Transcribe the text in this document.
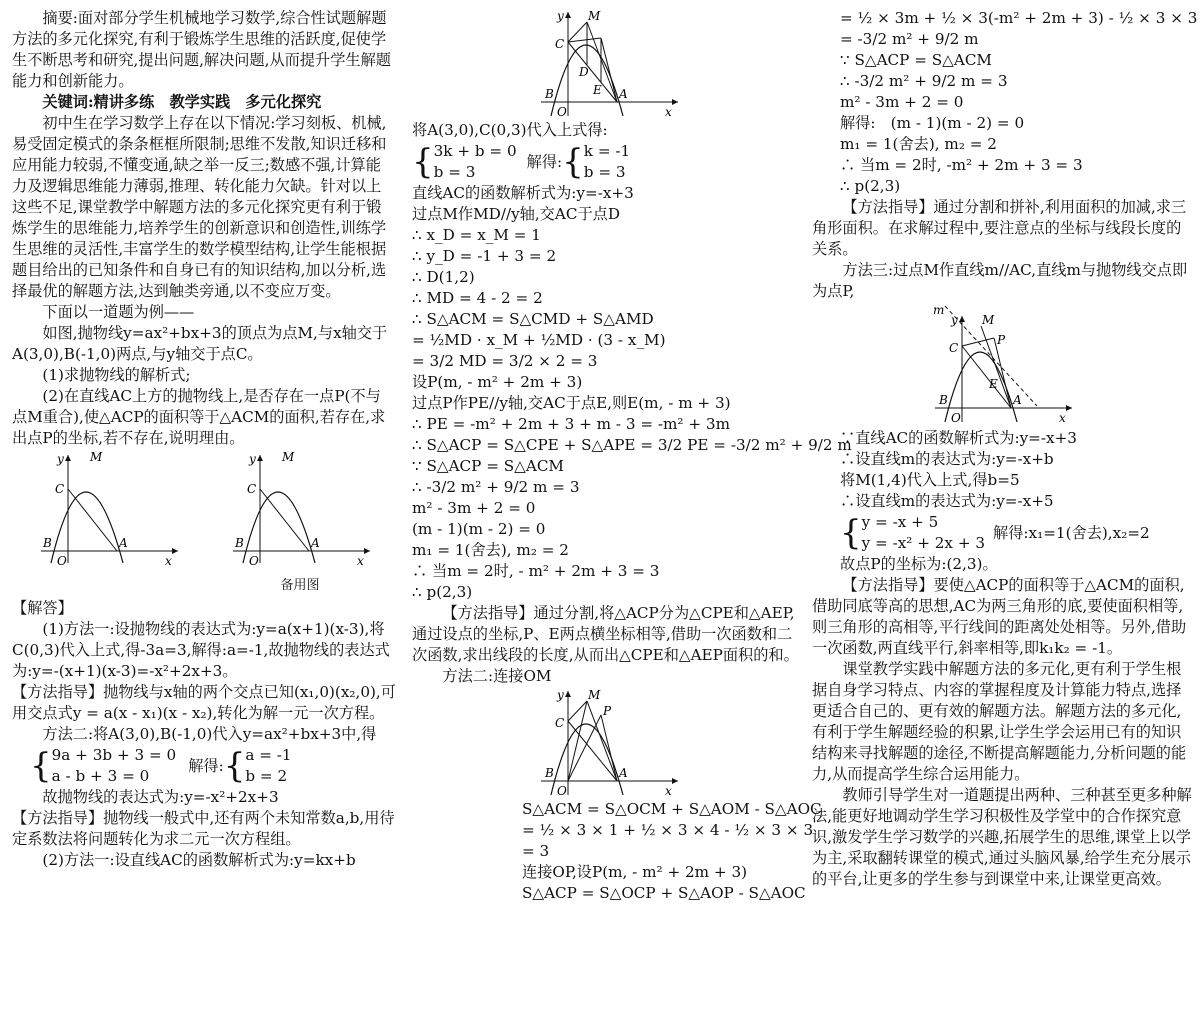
摘要:面对部分学生机械地学习数学,综合性试题解题方法的多元化探究,有利于锻炼学生思维的活跃度,促使学生不断思考和研究,提出问题,解决问题,从而提升学生解题能力和创新能力。

关键词:精讲多练　教学实践　多元化探究

初中生在学习数学上存在以下情况:学习刻板、机械,易受固定模式的条条框框所限制;思维不发散,知识迁移和应用能力较弱,不懂变通,缺之举一反三;数感不强,计算能力及逻辑思维能力薄弱,推理、转化能力欠缺。针对以上这些不足,课堂教学中解题方法的多元化探究更有利于锻炼学生的思维能力,培养学生的创新意识和创造性,训练学生思维的灵活性,丰富学生的数学模型结构,让学生能根据题目给出的已知条件和自身已有的知识结构,加以分析,选择最优的解题方法,达到触类旁通,以不变应万变。

下面以一道题为例——

如图,抛物线y=ax²+bx+3的顶点为点M,与x轴交于A(3,0),B(-1,0)两点,与y轴交于点C。

(1)求抛物线的解析式;

(2)在直线AC上方的抛物线上,是否存在一点P(不与点M重合),使△ACP的面积等于△ACM的面积,若存在,求出点P的坐标,若不存在,说明理由。

y M
C
B
O
A
x
y M
C
B
O
A
x
备用图

【解答】

(1)方法一:设抛物线的表达式为:y=a(x+1)(x-3),将C(0,3)代入上式,得-3a=3,解得:a=-1,故抛物线的表达式为:y=-(x+1)(x-3)=-x²+2x+3。

【方法指导】抛物线与x轴的两个交点已知(x₁,0)(x₂,0),可用交点式y = a(x - x₁)(x - x₂),转化为解一元一次方程。

方法二:将A(3,0),B(-1,0)代入y=ax²+bx+3中,得

{ 9a + 3b + 3 = 0
a - b + 3 = 0
解得: { a = -1
b = 2

故抛物线的表达式为:y=-x²+2x+3

【方法指导】抛物线一般式中,还有两个未知常数a,b,用待定系数法将问题转化为求二元一次方程组。

(2)方法一:设直线AC的函数解析式为:y=kx+b

y M
C
D
E
B
O
A
x

将A(3,0),C(0,3)代入上式得:

{ 3k + b = 0
b = 3
解得: { k = -1
b = 3
直线AC的函数解析式为:y=-x+3
过点M作MD//y轴,交AC于点D
∴ x_D = x_M = 1
∴ y_D = -1 + 3 = 2
∴ D(1,2)
∴ MD = 4 - 2 = 2
∴ S△ACM = S△CMD + S△AMD
= ½MD · x_M + ½MD · (3 - x_M)
= 3/2 MD = 3/2 × 2 = 3
设P(m, - m² + 2m + 3)
过点P作PE//y轴,交AC于点E,则E(m, - m + 3)
∴ PE = -m² + 2m + 3 + m - 3 = -m² + 3m
∴ S△ACP = S△CPE + S△APE = 3/2 PE = -3/2 m² + 9/2 m
∵ S△ACP = S△ACM
∴ -3/2 m² + 9/2 m = 3
m² - 3m + 2 = 0
(m - 1)(m - 2) = 0
m₁ = 1(舍去), m₂ = 2
∴ 当m = 2时, - m² + 2m + 3 = 3
∴ p(2,3)

【方法指导】通过分割,将△ACP分为△CPE和△AEP,通过设点的坐标,P、E两点横坐标相等,借助一次函数和二次函数,求出线段的长度,从而出△CPE和△AEP面积的和。

方法二:连接OM

y M
P
C
B
O
A
x
S△ACM = S△OCM + S△AOM - S△AOC
= ½ × 3 × 1 + ½ × 3 × 4 - ½ × 3 × 3
= 3
连接OP,设P(m, - m² + 2m + 3)
S△ACP = S△OCP + S△AOP - S△AOC
= ½ × 3m + ½ × 3(-m² + 2m + 3) - ½ × 3 × 3
= -3/2 m² + 9/2 m
∵ S△ACP = S△ACM
∴ -3/2 m² + 9/2 m = 3
m² - 3m + 2 = 0
解得:　(m - 1)(m - 2) = 0
m₁ = 1(舍去), m₂ = 2
∴ 当m = 2时, -m² + 2m + 3 = 3
∴ p(2,3)

【方法指导】通过分割和拼补,利用面积的加减,求三角形面积。在求解过程中,要注意点的坐标与线段长度的关系。

方法三:过点M作直线m//AC,直线m与抛物线交点即为点P,

m
y M
P
C
E
B
O
A
x
∵直线AC的函数解析式为:y=-x+3
∴设直线m的表达式为:y=-x+b
将M(1,4)代入上式,得b=5
∴设直线m的表达式为:y=-x+5
{ y = -x + 5
y = -x² + 2x + 3
解得:x₁=1(舍去),x₂=2
故点P的坐标为:(2,3)。

【方法指导】要使△ACP的面积等于△ACM的面积,借助同底等高的思想,AC为两三角形的底,要使面积相等,则三角形的高相等,平行线间的距离处处相等。另外,借助一次函数,两直线平行,斜率相等,即k₁k₂ = -1。

课堂教学实践中解题方法的多元化,更有利于学生根据自身学习特点、内容的掌握程度及计算能力特点,选择更适合自己的、更有效的解题方法。解题方法的多元化,有利于学生解题经验的积累,让学生学会运用已有的知识结构来寻找解题的途径,不断提高解题能力,分析问题的能力,从而提高学生综合运用能力。

教师引导学生对一道题提出两种、三种甚至更多种解法,能更好地调动学生学习积极性及学堂中的合作探究意识,激发学生学习数学的兴趣,拓展学生的思维,课堂上以学为主,采取翻转课堂的模式,通过头脑风暴,给学生充分展示的平台,让更多的学生参与到课堂中来,让课堂更高效。
